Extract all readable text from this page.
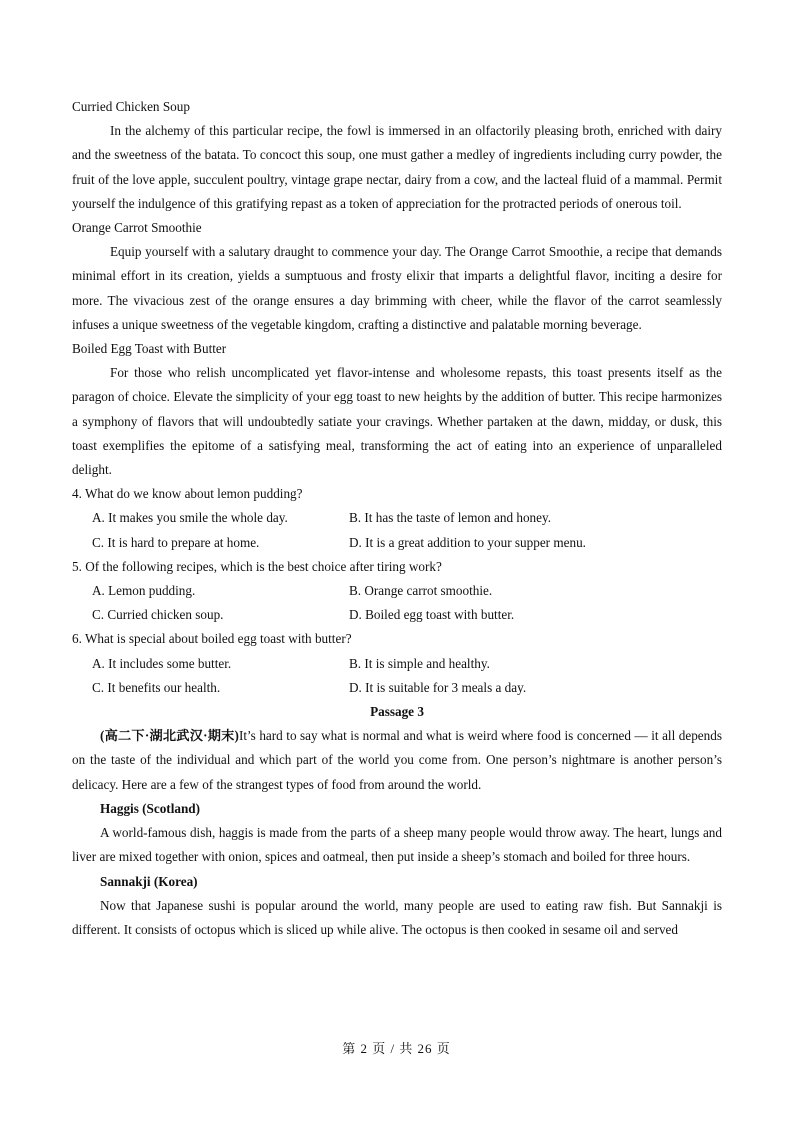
Curried Chicken Soup

In the alchemy of this particular recipe, the fowl is immersed in an olfactorily pleasing broth, enriched with dairy and the sweetness of the batata. To concoct this soup, one must gather a medley of ingredients including curry powder, the fruit of the love apple, succulent poultry, vintage grape nectar, dairy from a cow, and the lacteal fluid of a mammal. Permit yourself the indulgence of this gratifying repast as a token of appreciation for the protracted periods of onerous toil.

Orange Carrot Smoothie

Equip yourself with a salutary draught to commence your day. The Orange Carrot Smoothie, a recipe that demands minimal effort in its creation, yields a sumptuous and frosty elixir that imparts a delightful flavor, inciting a desire for more. The vivacious zest of the orange ensures a day brimming with cheer, while the flavor of the carrot seamlessly infuses a unique sweetness of the vegetable kingdom, crafting a distinctive and palatable morning beverage.

Boiled Egg Toast with Butter

For those who relish uncomplicated yet flavor-intense and wholesome repasts, this toast presents itself as the paragon of choice. Elevate the simplicity of your egg toast to new heights by the addition of butter. This recipe harmonizes a symphony of flavors that will undoubtedly satiate your cravings. Whether partaken at the dawn, midday, or dusk, this toast exemplifies the epitome of a satisfying meal, transforming the act of eating into an experience of unparalleled delight.

4. What do we know about lemon pudding?

A. It makes you smile the whole day.	B. It has the taste of lemon and honey.

C. It is hard to prepare at home.	D. It is a great addition to your supper menu.

5. Of the following recipes, which is the best choice after tiring work?

A. Lemon pudding.	B. Orange carrot smoothie.

C. Curried chicken soup.	D. Boiled egg toast with butter.

6. What is special about boiled egg toast with butter?

A. It includes some butter.	B. It is simple and healthy.

C. It benefits our health.	D. It is suitable for 3 meals a day.

Passage 3

(高二下·湖北武汉·期末)It’s hard to say what is normal and what is weird where food is concerned — it all depends on the taste of the individual and which part of the world you come from. One person’s nightmare is another person’s delicacy. Here are a few of the strangest types of food from around the world.

Haggis (Scotland)

A world-famous dish, haggis is made from the parts of a sheep many people would throw away. The heart, lungs and liver are mixed together with onion, spices and oatmeal, then put inside a sheep’s stomach and boiled for three hours.

Sannakji (Korea)

Now that Japanese sushi is popular around the world, many people are used to eating raw fish. But Sannakji is different. It consists of octopus which is sliced up while alive. The octopus is then cooked in sesame oil and served

第 2 页 / 共 26 页
